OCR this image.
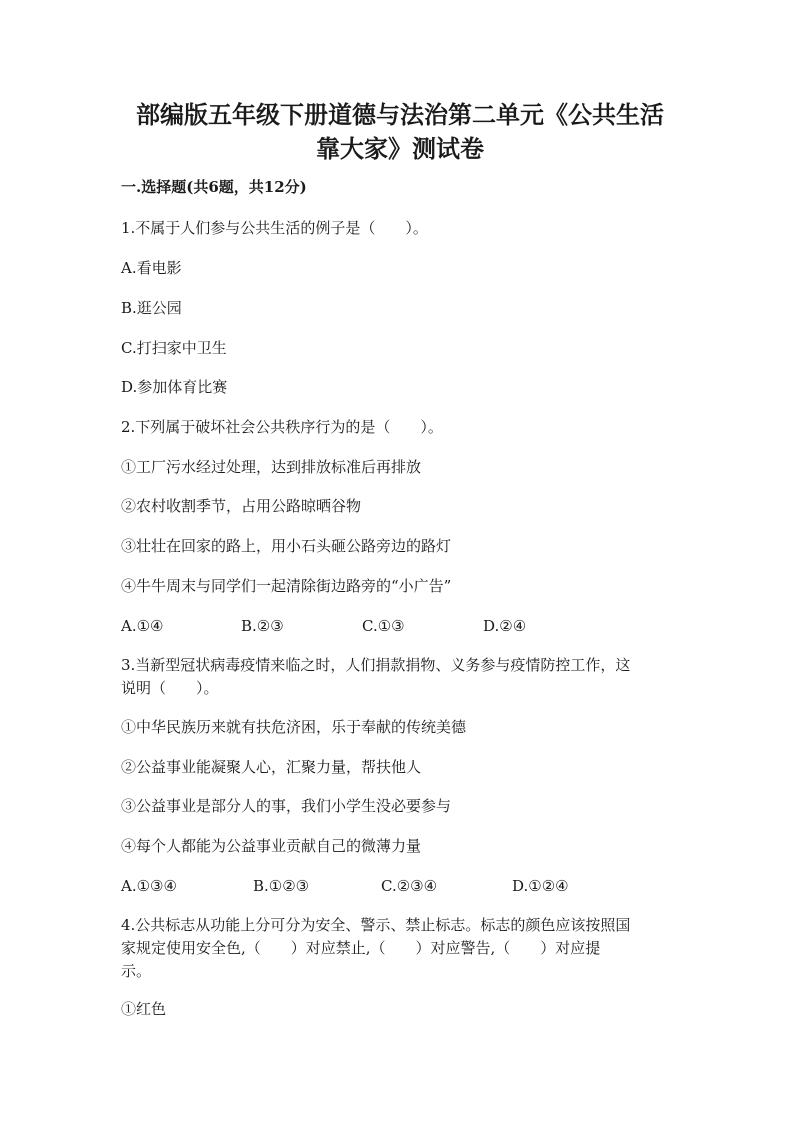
部编版五年级下册道德与法治第二单元《公共生活
靠大家》测试卷
一.选择题(共6题，共12分)
1.不属于人们参与公共生活的例子是（　　）。
A.看电影
B.逛公园
C.打扫家中卫生
D.参加体育比赛
2.下列属于破坏社会公共秩序行为的是（　　）。
①工厂污水经过处理，达到排放标准后再排放
②农村收割季节，占用公路晾晒谷物
③壮壮在回家的路上，用小石头砸公路旁边的路灯
④牛牛周末与同学们一起清除街边路旁的“小广告”
A.①④	B.②③	C.①③	D.②④
3.当新型冠状病毒疫情来临之时，人们捐款捐物、义务参与疫情防控工作，这
说明（　　）。
①中华民族历来就有扶危济困，乐于奉献的传统美德
②公益事业能凝聚人心，汇聚力量，帮扶他人
③公益事业是部分人的事，我们小学生没必要参与
④每个人都能为公益事业贡献自己的微薄力量
A.①③④	B.①②③	C.②③④	D.①②④
4.公共标志从功能上分可分为安全、警示、禁止标志。标志的颜色应该按照国
家规定使用安全色,（　　）对应禁止,（　　）对应警告,（　　）对应提
示。
①红色
